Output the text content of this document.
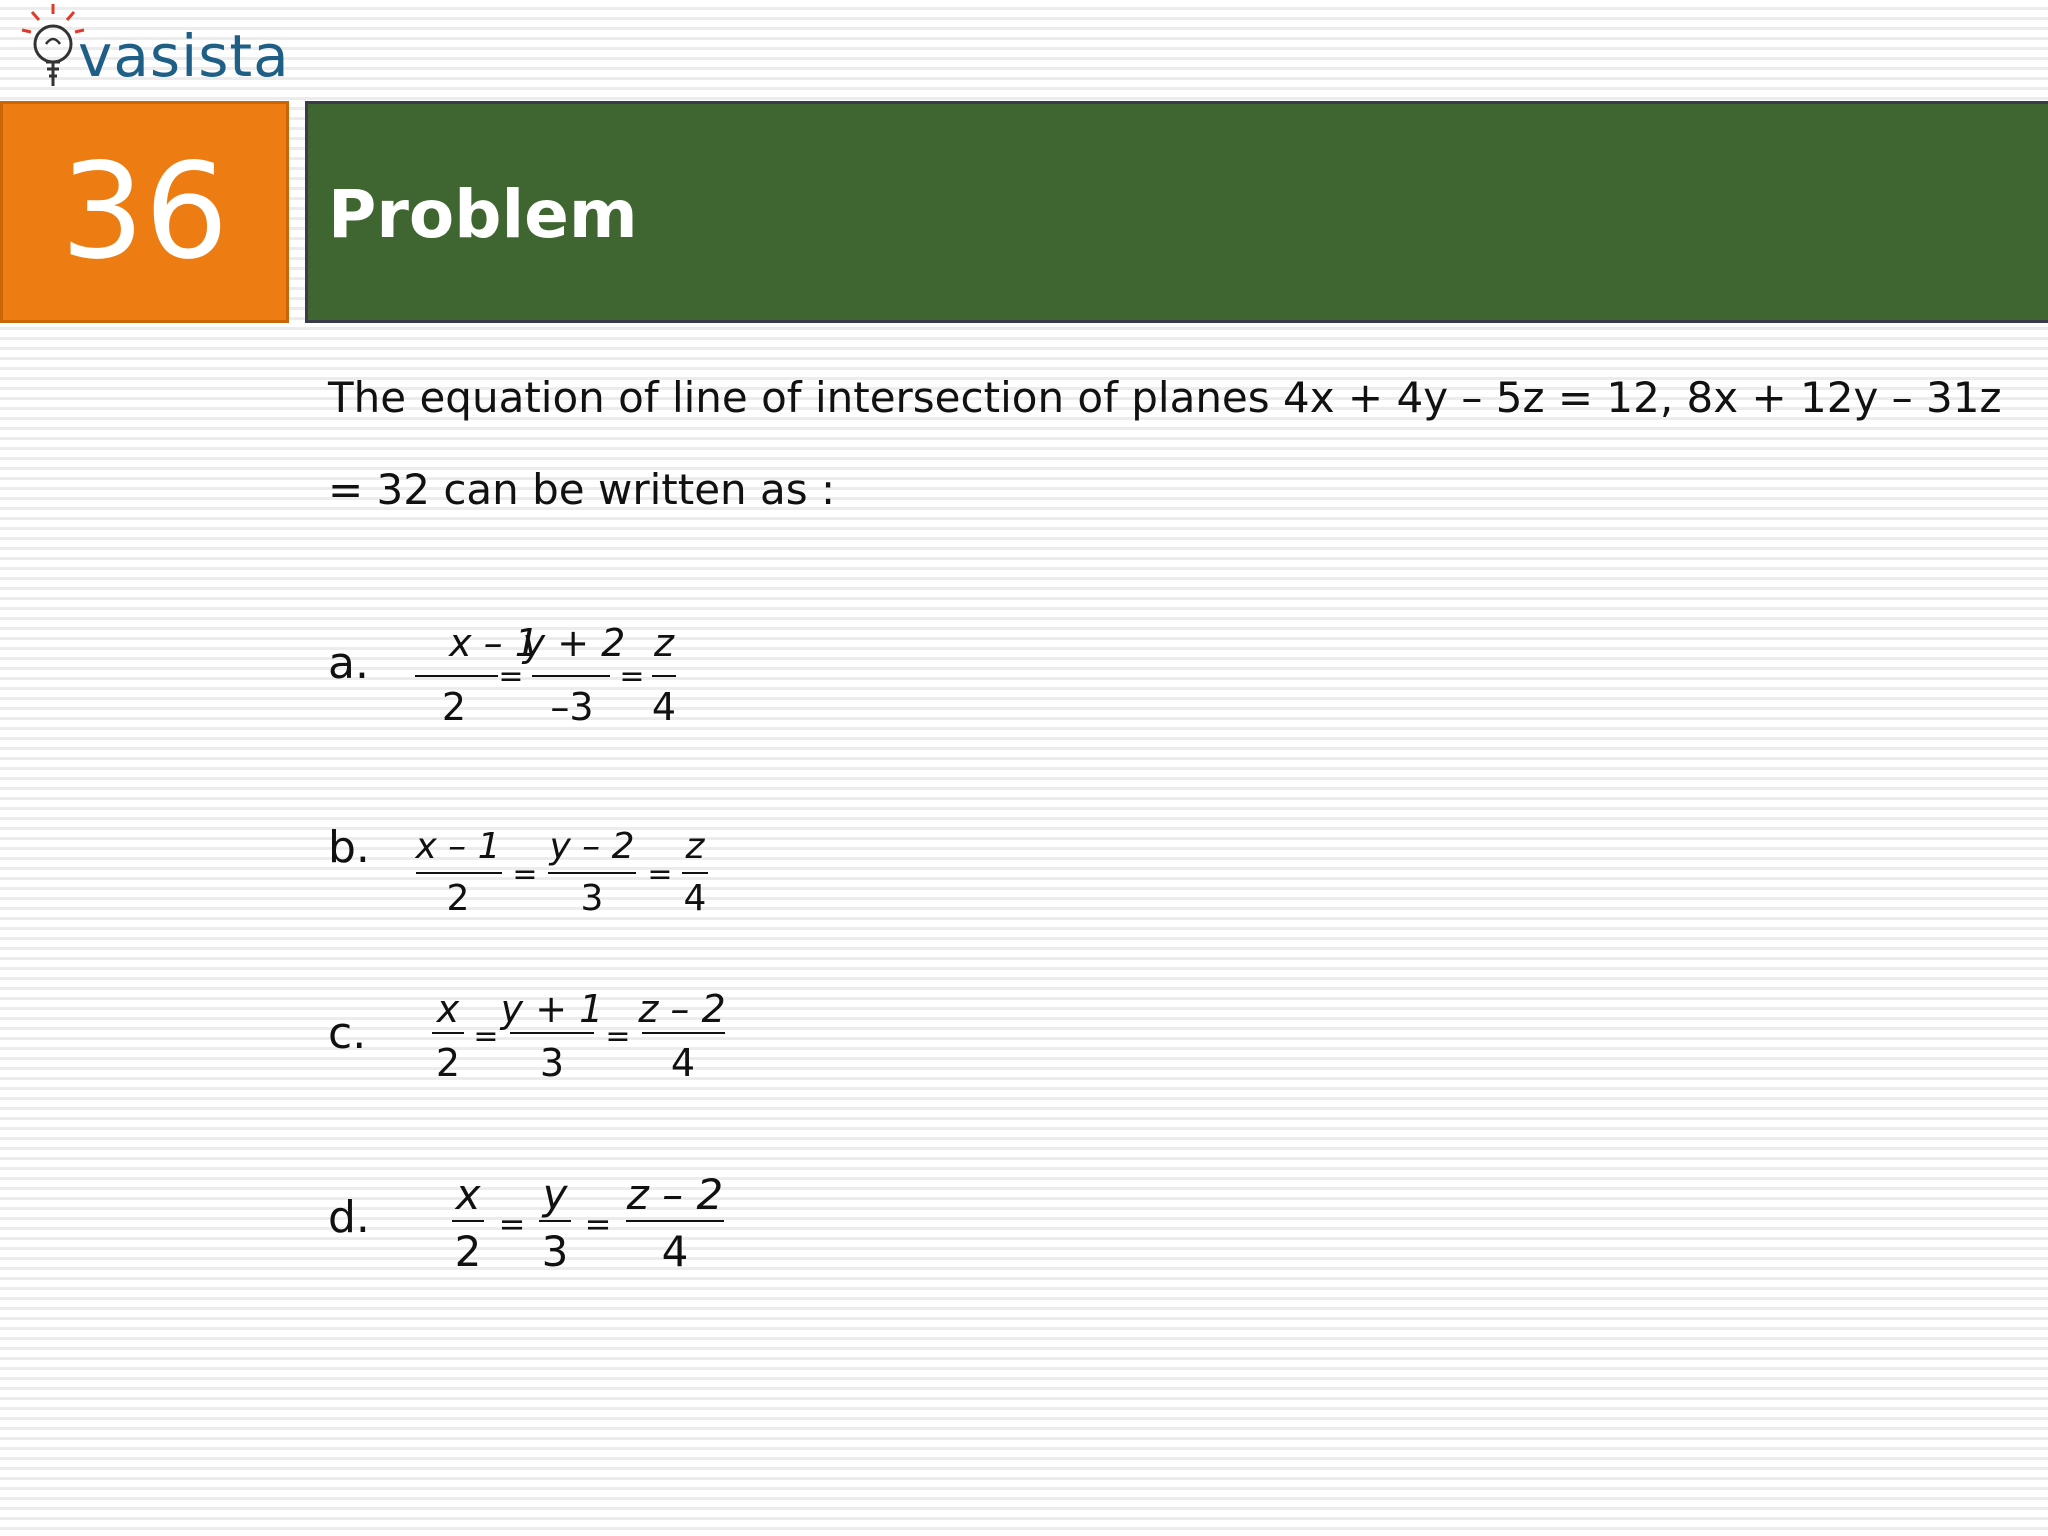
vasista
36 Problem
The equation of line of intersection of planes 4x + 4y – 5z = 12, 8x + 12y – 31z = 32 can be written as :
a. x – 1
2
=
y + 2
–3
=
z
4
b. x – 1
2
=
y – 2
3
=
z
4
c. x
2
=
y + 1
3
=
z – 2
4
d. x
2
=
y
3
=
z – 2
4
